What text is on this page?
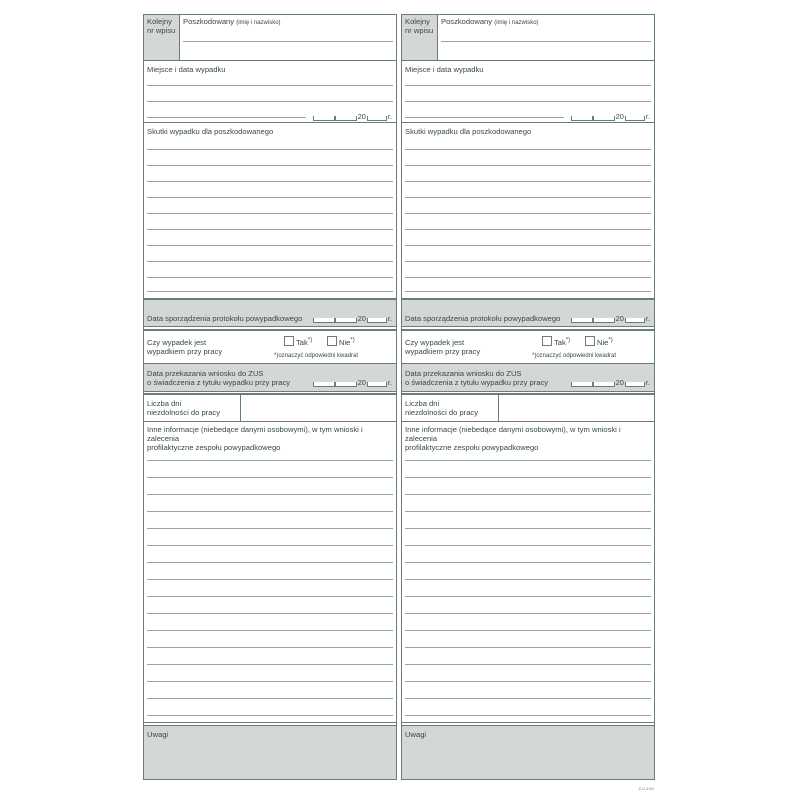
Kolejny nr wpisu
Poszkodowany (imię i nazwisko)
Miejsce i data wypadku
20	r.
Skutki wypadku dla poszkodowanego
Data sporządzenia protokołu powypadkowego	20	r.
Czy wypadek jest
wypadkiem przy pracy
Tak*)	Nie*)
*)oznaczyć odpowiedni kwadrat
Data przekazania wniosku do ZUS
o świadczenia z tytułu wypadku przy pracy	20	r.
Liczba dni
niezdolności do pracy
Inne informacje (niebedące danymi osobowymi), w tym wnioski i zalecenia
profilaktyczne zespołu powypadkowego
Uwagi
Kolejny nr wpisu
Poszkodowany (imię i nazwisko)
Miejsce i data wypadku
20	r.
Skutki wypadku dla poszkodowanego
Data sporządzenia protokołu powypadkowego	20	r.
Czy wypadek jest
wypadkiem przy pracy
Tak*)	Nie*)
*)oznaczyć odpowiedni kwadrat
Data przekazania wniosku do ZUS
o świadczenia z tytułu wypadku przy pracy	20	r.
Liczba dni
niezdolności do pracy
Inne informacje (niebedące danymi osobowymi), w tym wnioski i zalecenia
profilaktyczne zespołu powypadkowego
Uwagi
Z-U-1/Dr
